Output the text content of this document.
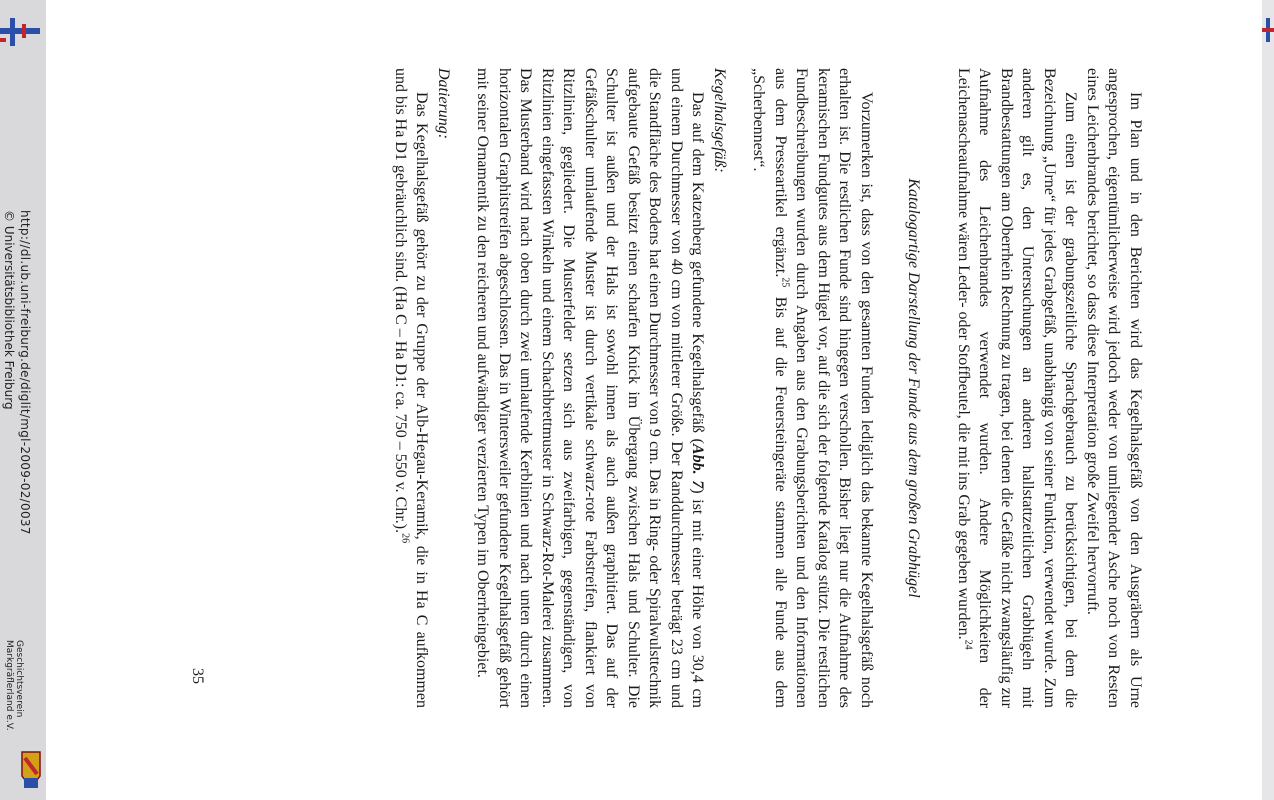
http://dl.ub.uni-freiburg.de/diglit/mgl-2009-02/0037
© Universitätsbibliothek Freiburg
Geschichtsverein Markgräflerland e.V.	Im Plan und in den Berichten wird das Kegelhalsgefäß von den Ausgräbern als Urne angesprochen, eigentümlicherweise wird jedoch weder von umliegender Asche noch von Resten eines Leichenbrandes berichtet, so dass diese Interpretation große Zweifel hervorruft.

Zum einen ist der grabungszeitliche Sprachgebrauch zu berücksichtigen, bei dem die Bezeichnung „Urne“ für jedes Grabgefäß, unabhängig von seiner Funktion, verwendet wurde. Zum anderen gilt es, den Untersuchungen an anderen hallstattzeitlichen Grabhügeln mit Brandbestattungen am Oberrhein Rechnung zu tragen, bei denen die Gefäße nicht zwangsläufig zur Aufnahme des Leichenbrandes verwendet wurden. Andere Möglichkeiten der Leichenascheaufnahme wären Leder- oder Stoffbeutel, die mit ins Grab gegeben wurden.$^{24}$

Katalogartige Darstellung der Funde aus dem großen Grabhügel

Vorzumerken ist, dass von den gesamten Funden lediglich das bekannte Kegelhalsgefäß noch erhalten ist. Die restlichen Funde sind hingegen verschollen. Bisher liegt nur die Aufnahme des keramischen Fundgutes aus dem Hügel vor, auf die sich der folgende Katalog stützt. Die restlichen Fundbeschreibungen wurden durch Angaben aus den Grabungsberichten und den Informationen aus dem Presseartikel ergänzt.$^{25}$ Bis auf die Feuersteingeräte stammen alle Funde aus dem „Scherbennest“.

Kegelhalsgefäß:

Das auf dem Katzenberg gefundene Kegelhalsgefäß (Abb. 7) ist mit einer Höhe von 30,4 cm und einem Durchmesser von 40 cm von mittlerer Größe. Der Randdurchmesser beträgt 23 cm und die Standfläche des Bodens hat einen Durchmesser von 9 cm. Das in Ring- oder Spiralwulsttechnik aufgebaute Gefäß besitzt einen scharfen Knick im Übergang zwischen Hals und Schulter. Die Schulter ist außen und der Hals ist sowohl innen als auch außen graphitiert. Das auf der Gefäßschulter umlaufende Muster ist durch vertikale schwarz-rote Farbstreifen, flankiert von Ritzlinien, gegliedert. Die Musterfelder setzen sich aus zweifarbigen, gegenständigen, von Ritzlinien eingefassten Winkeln und einem Schachbrettmuster in Schwarz-Rot-Malerei zusammen. Das Musterband wird nach oben durch zwei umlaufende Kerblinien und nach unten durch einen horizontalen Graphitstreifen abgeschlossen. Das in Wintersweiler gefundene Kegelhalsgefäß gehört mit seiner Ornamentik zu den reicheren und aufwändiger verzierten Typen im Oberrheingebiet.

Datierung:

Das Kegelhalsgefäß gehört zu der Gruppe der Alb-Hegau-Keramik, die in Ha C aufkommen und bis Ha D1 gebräuchlich sind. (Ha C – Ha D1: ca. 750 – 550 v. Chr.).$^{26}$

35
